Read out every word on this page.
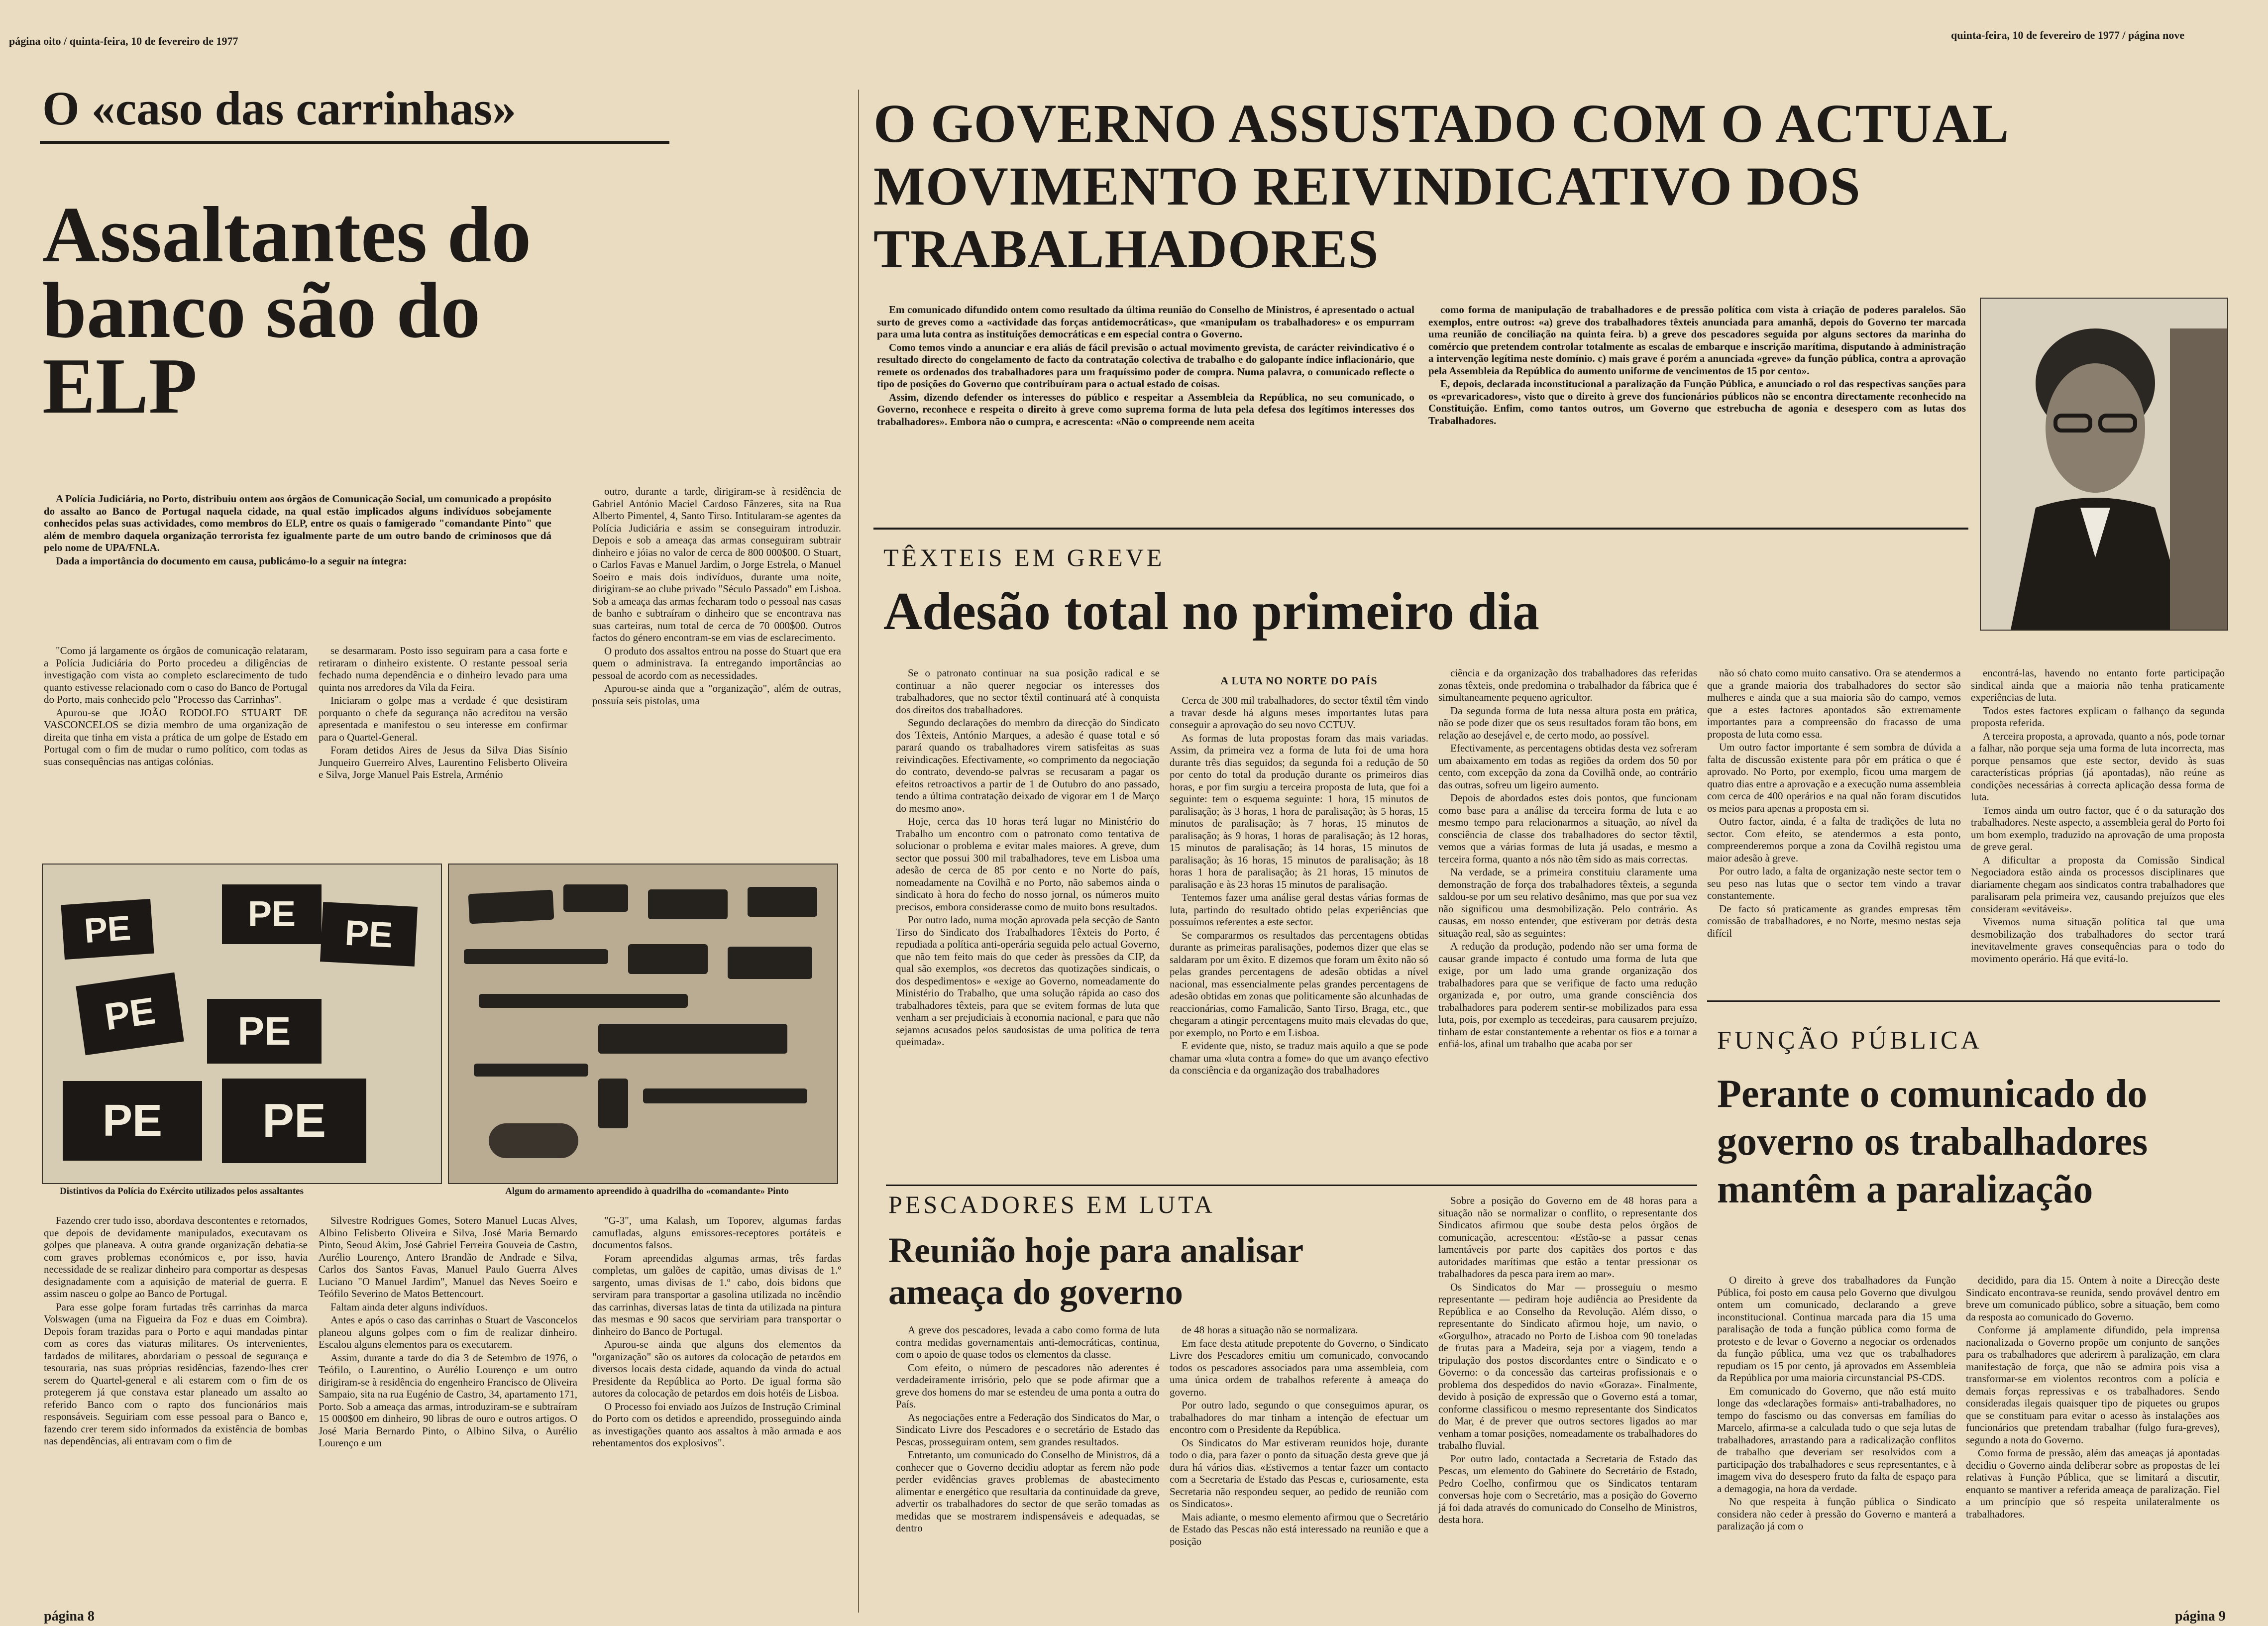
página oito / quinta-feira, 10 de fevereiro de 1977
O «caso das carrinhas»
Assaltantes do banco são do ELP

A Polícia Judiciária, no Porto, distribuiu ontem aos órgãos de Comunicação Social, um comunicado a propósito do assalto ao Banco de Portugal naquela cidade, na qual estão implicados alguns indivíduos sobejamente conhecidos pelas suas actividades, como membros do ELP, entre os quais o famigerado "comandante Pinto" que além de membro daquela organização terrorista fez igualmente parte de um outro bando de criminosos que dá pelo nome de UPA/FNLA.

Dada a importância do documento em causa, publicámo-lo a seguir na íntegra:

"Como já largamente os órgãos de comunicação relataram, a Polícia Judiciária do Porto procedeu a diligências de investigação com vista ao completo esclarecimento de tudo quanto estivesse relacionado com o caso do Banco de Portugal do Porto, mais conhecido pelo "Processo das Carrinhas".

Apurou-se que JOÃO RODOLFO STUART DE VASCONCELOS se dizia membro de uma organização de direita que tinha em vista a prática de um golpe de Estado em Portugal com o fim de mudar o rumo político, com todas as suas consequências nas antigas colónias.

se desarmaram. Posto isso seguiram para a casa forte e retiraram o dinheiro existente. O restante pessoal seria fechado numa dependência e o dinheiro levado para uma quinta nos arredores da Vila da Feira.

Iniciaram o golpe mas a verdade é que desistiram porquanto o chefe da segurança não acreditou na versão apresentada e manifestou o seu interesse em confirmar para o Quartel-General.

Foram detidos Aires de Jesus da Silva Dias Sisínio Junqueiro Guerreiro Alves, Laurentino Felisberto Oliveira e Silva, Jorge Manuel Pais Estrela, Arménio

outro, durante a tarde, dirigiram-se à residência de Gabriel António Maciel Cardoso Fânzeres, sita na Rua Alberto Pimentel, 4, Santo Tirso. Intitularam-se agentes da Polícia Judiciária e assim se conseguiram introduzir. Depois e sob a ameaça das armas conseguiram subtrair dinheiro e jóias no valor de cerca de 800 000$00. O Stuart, o Carlos Favas e Manuel Jardim, o Jorge Estrela, o Manuel Soeiro e mais dois indivíduos, durante uma noite, dirigiram-se ao clube privado "Século Passado" em Lisboa. Sob a ameaça das armas fecharam todo o pessoal nas casas de banho e subtraíram o dinheiro que se encontrava nas suas carteiras, num total de cerca de 70 000$00. Outros factos do género encontram-se em vias de esclarecimento.

O produto dos assaltos entrou na posse do Stuart que era quem o administrava. Ia entregando importâncias ao pessoal de acordo com as necessidades.

Apurou-se ainda que a "organização", além de outras, possuía seis pistolas, uma

PE	PE PE
PE PE
PE PE
Distintivos da Polícia do Exército utilizados pelos assaltantes	Algum do armamento apreendido à quadrilha do «comandante» Pinto

Fazendo crer tudo isso, abordava descontentes e retornados, que depois de devidamente manipulados, executavam os golpes que planeava. A outra grande organização debatia-se com graves problemas económicos e, por isso, havia necessidade de se realizar dinheiro para comportar as despesas designadamente com a aquisição de material de guerra. E assim nasceu o golpe ao Banco de Portugal.

Para esse golpe foram furtadas três carrinhas da marca Volswagen (uma na Figueira da Foz e duas em Coimbra). Depois foram trazidas para o Porto e aqui mandadas pintar com as cores das viaturas militares. Os intervenientes, fardados de militares, abordariam o pessoal de segurança e tesouraria, nas suas próprias residências, fazendo-lhes crer serem do Quartel-general e ali estarem com o fim de os protegerem já que constava estar planeado um assalto ao referido Banco com o rapto dos funcionários mais responsáveis. Seguiriam com esse pessoal para o Banco e, fazendo crer terem sido informados da existência de bombas nas dependências, ali entravam com o fim de

Silvestre Rodrigues Gomes, Sotero Manuel Lucas Alves, Albino Felisberto Oliveira e Silva, José Maria Bernardo Pinto, Seoud Akim, José Gabriel Ferreira Gouveia de Castro, Aurélio Lourenço, Antero Brandão de Andrade e Silva, Carlos dos Santos Favas, Manuel Paulo Guerra Alves Luciano "O Manuel Jardim", Manuel das Neves Soeiro e Teófilo Severino de Matos Bettencourt.

Faltam ainda deter alguns indivíduos.

Antes e após o caso das carrinhas o Stuart de Vasconcelos planeou alguns golpes com o fim de realizar dinheiro. Escalou alguns elementos para os executarem.

Assim, durante a tarde do dia 3 de Setembro de 1976, o Teófilo, o Laurentino, o Aurélio Lourenço e um outro dirigiram-se à residência do engenheiro Francisco de Oliveira Sampaio, sita na rua Eugénio de Castro, 34, apartamento 171, Porto. Sob a ameaça das armas, introduziram-se e subtraíram 15 000$00 em dinheiro, 90 libras de ouro e outros artigos. O José Maria Bernardo Pinto, o Albino Silva, o Aurélio Lourenço e um

"G-3", uma Kalash, um Toporev, algumas fardas camufladas, alguns emissores-receptores portáteis e documentos falsos.

Foram apreendidas algumas armas, três fardas completas, um galões de capitão, umas divisas de 1.º sargento, umas divisas de 1.º cabo, dois bidons que serviram para transportar a gasolina utilizada no incêndio das carrinhas, diversas latas de tinta da utilizada na pintura das mesmas e 90 sacos que serviriam para transportar o dinheiro do Banco de Portugal.

Apurou-se ainda que alguns dos elementos da "organização" são os autores da colocação de petardos em diversos locais desta cidade, aquando da vinda do actual Presidente da República ao Porto. De igual forma são autores da colocação de petardos em dois hotéis de Lisboa.

O Processo foi enviado aos Juízos de Instrução Criminal do Porto com os detidos e apreendido, prosseguindo ainda as investigações quanto aos assaltos à mão armada e aos rebentamentos dos explosivos".

página 8
quinta-feira, 10 de fevereiro de 1977 / página nove
O GOVERNO ASSUSTADO COM O ACTUAL MOVIMENTO REIVINDICATIVO DOS TRABALHADORES

Em comunicado difundido ontem como resultado da última reunião do Conselho de Ministros, é apresentado o actual surto de greves como a «actividade das forças antidemocráticas», que «manipulam os trabalhadores» e os empurram para uma luta contra as instituições democráticas e em especial contra o Governo.

Como temos vindo a anunciar e era aliás de fácil previsão o actual movimento grevista, de carácter reivindicativo é o resultado directo do congelamento de facto da contratação colectiva de trabalho e do galopante índice inflacionário, que remete os ordenados dos trabalhadores para um fraquíssimo poder de compra. Numa palavra, o comunicado reflecte o tipo de posições do Governo que contribuíram para o actual estado de coisas.

Assim, dizendo defender os interesses do público e respeitar a Assembleia da República, no seu comunicado, o Governo, reconhece e respeita o direito à greve como suprema forma de luta pela defesa dos legítimos interesses dos trabalhadores». Embora não o cumpra, e acrescenta: «Não o compreende nem aceita

como forma de manipulação de trabalhadores e de pressão política com vista à criação de poderes paralelos. São exemplos, entre outros: «a) greve dos trabalhadores têxteis anunciada para amanhã, depois do Governo ter marcada uma reunião de conciliação na quinta feira. b) a greve dos pescadores seguida por alguns sectores da marinha do comércio que pretendem controlar totalmente as escalas de embarque e inscrição marítima, disputando à administração a intervenção legítima neste domínio. c) mais grave é porém a anunciada «greve» da função pública, contra a aprovação pela Assembleia da República do aumento uniforme de vencimentos de 15 por cento».

E, depois, declarada inconstitucional a paralização da Função Pública, e anunciado o rol das respectivas sanções para os «prevaricadores», visto que o direito à greve dos funcionários públicos não se encontra directamente reconhecido na Constituição. Enfim, como tantos outros, um Governo que estrebucha de agonia e desespero com as lutas dos Trabalhadores.

TÊXTEIS EM GREVE
Adesão total no primeiro dia

Se o patronato continuar na sua posição radical e se continuar a não querer negociar os interesses dos trabalhadores, que no sector têxtil continuará até à conquista dos direitos dos trabalhadores.

Segundo declarações do membro da direcção do Sindicato dos Têxteis, António Marques, a adesão é quase total e só parará quando os trabalhadores virem satisfeitas as suas reivindicações. Efectivamente, «o comprimento da negociação do contrato, devendo-se palvras se recusaram a pagar os efeitos retroactivos a partir de 1 de Outubro do ano passado, tendo a última contratação deixado de vigorar em 1 de Março do mesmo ano».

Hoje, cerca das 10 horas terá lugar no Ministério do Trabalho um encontro com o patronato como tentativa de solucionar o problema e evitar males maiores. A greve, dum sector que possui 300 mil trabalhadores, teve em Lisboa uma adesão de cerca de 85 por cento e no Norte do país, nomeadamente na Covilhã e no Porto, não sabemos ainda o sindicato à hora do fecho do nosso jornal, os números muito precisos, embora considerasse como de muito bons resultados.

Por outro lado, numa moção aprovada pela secção de Santo Tirso do Sindicato dos Trabalhadores Têxteis do Porto, é repudiada a política anti-operária seguida pelo actual Governo, que não tem feito mais do que ceder às pressões da CIP, da qual são exemplos, «os decretos das quotizações sindicais, o dos despedimentos» e «exige ao Governo, nomeadamente do Ministério do Trabalho, que uma solução rápida ao caso dos trabalhadores têxteis, para que se evitem formas de luta que venham a ser prejudiciais à economia nacional, e para que não sejamos acusados pelos saudosistas de uma política de terra queimada».

A LUTA NO NORTE DO PAÍS

Cerca de 300 mil trabalhadores, do sector têxtil têm vindo a travar desde há alguns meses importantes lutas para conseguir a aprovação do seu novo CCTUV.

As formas de luta propostas foram das mais variadas. Assim, da primeira vez a forma de luta foi de uma hora durante três dias seguidos; da segunda foi a redução de 50 por cento do total da produção durante os primeiros dias horas, e por fim surgiu a terceira proposta de luta, que foi a seguinte: tem o esquema seguinte: 1 hora, 15 minutos de paralisação; às 3 horas, 1 hora de paralisação; às 5 horas, 15 minutos de paralisação; às 7 horas, 15 minutos de paralisação; às 9 horas, 1 horas de paralisação; às 12 horas, 15 minutos de paralisação; às 14 horas, 15 minutos de paralisação; às 16 horas, 15 minutos de paralisação; às 18 horas 1 hora de paralisação; às 21 horas, 15 minutos de paralisação e às 23 horas 15 minutos de paralisação.

Tentemos fazer uma análise geral destas várias formas de luta, partindo do resultado obtido pelas experiências que possuímos referentes a este sector.

Se compararmos os resultados das percentagens obtidas durante as primeiras paralisações, podemos dizer que elas se saldaram por um êxito. E dizemos que foram um êxito não só pelas grandes percentagens de adesão obtidas a nível nacional, mas essencialmente pelas grandes percentagens de adesão obtidas em zonas que politicamente são alcunhadas de reaccionárias, como Famalicão, Santo Tirso, Braga, etc., que chegaram a atingir percentagens muito mais elevadas do que, por exemplo, no Porto e em Lisboa.

E evidente que, nisto, se traduz mais aquilo a que se pode chamar uma «luta contra a fome» do que um avanço efectivo da consciência e da organização dos trabalhadores

ciência e da organização dos trabalhadores das referidas zonas têxteis, onde predomina o trabalhador da fábrica que é simultaneamente pequeno agricultor.

Da segunda forma de luta nessa altura posta em prática, não se pode dizer que os seus resultados foram tão bons, em relação ao desejável e, de certo modo, ao possível.

Efectivamente, as percentagens obtidas desta vez sofreram um abaixamento em todas as regiões da ordem dos 50 por cento, com excepção da zona da Covilhã onde, ao contrário das outras, sofreu um ligeiro aumento.

Depois de abordados estes dois pontos, que funcionam como base para a análise da terceira forma de luta e ao mesmo tempo para relacionarmos a situação, ao nível da consciência de classe dos trabalhadores do sector têxtil, vemos que a várias formas de luta já usadas, e mesmo a terceira forma, quanto a nós não têm sido as mais correctas.

Na verdade, se a primeira constituiu claramente uma demonstração de força dos trabalhadores têxteis, a segunda saldou-se por um seu relativo desânimo, mas que por sua vez não significou uma desmobilização. Pelo contrário. As causas, em nosso entender, que estiveram por detrás desta situação real, são as seguintes:

A redução da produção, podendo não ser uma forma de causar grande impacto é contudo uma forma de luta que exige, por um lado uma grande organização dos trabalhadores para que se verifique de facto uma redução organizada e, por outro, uma grande consciência dos trabalhadores para poderem sentir-se mobilizados para essa luta, pois, por exemplo as tecedeiras, para causarem prejuízo, tinham de estar constantemente a rebentar os fios e a tornar a enfiá-los, afinal um trabalho que acaba por ser

não só chato como muito cansativo. Ora se atendermos a que a grande maioria dos trabalhadores do sector são mulheres e ainda que a sua maioria são do campo, vemos que a estes factores apontados são extremamente importantes para a compreensão do fracasso de uma proposta de luta como essa.

Um outro factor importante é sem sombra de dúvida a falta de discussão existente para pôr em prática o que é aprovado. No Porto, por exemplo, ficou uma margem de quatro dias entre a aprovação e a execução numa assembleia com cerca de 400 operários e na qual não foram discutidos os meios para apenas a proposta em si.

Outro factor, ainda, é a falta de tradições de luta no sector. Com efeito, se atendermos a esta ponto, compreenderemos porque a zona da Covilhã registou uma maior adesão à greve.

Por outro lado, a falta de organização neste sector tem o seu peso nas lutas que o sector tem vindo a travar constantemente.

De facto só praticamente as grandes empresas têm comissão de trabalhadores, e no Norte, mesmo nestas seja difícil

encontrá-las, havendo no entanto forte participação sindical ainda que a maioria não tenha praticamente experiências de luta.

Todos estes factores explicam o falhanço da segunda proposta referida.

A terceira proposta, a aprovada, quanto a nós, pode tornar a falhar, não porque seja uma forma de luta incorrecta, mas porque pensamos que este sector, devido às suas características próprias (já apontadas), não reúne as condições necessárias à correcta aplicação dessa forma de luta.

Temos ainda um outro factor, que é o da saturação dos trabalhadores. Neste aspecto, a assembleia geral do Porto foi um bom exemplo, traduzido na aprovação de uma proposta de greve geral.

A dificultar a proposta da Comissão Sindical Negociadora estão ainda os processos disciplinares que diariamente chegam aos sindicatos contra trabalhadores que paralisaram pela primeira vez, causando prejuízos que eles consideram «evitáveis».

Vivemos numa situação política tal que uma desmobilização dos trabalhadores do sector trará inevitavelmente graves consequências para o todo do movimento operário. Há que evitá-lo.

FUNÇÃO PÚBLICA
Perante o comunicado do governo os trabalhadores mantêm a paralização

O direito à greve dos trabalhadores da Função Pública, foi posto em causa pelo Governo que divulgou ontem um comunicado, declarando a greve inconstitucional. Continua marcada para dia 15 uma paralisação de toda a função pública como forma de protesto e de levar o Governo a negociar os ordenados da função pública, uma vez que os trabalhadores repudiam os 15 por cento, já aprovados em Assembleia da República por uma maioria circunstancial PS-CDS.

Em comunicado do Governo, que não está muito longe das «declarações formais» anti-trabalhadores, no tempo do fascismo ou das conversas em famílias do Marcelo, afirma-se a calculada tudo o que seja lutas de trabalhadores, arrastando para a radicalização conflitos de trabalho que deveriam ser resolvidos com a participação dos trabalhadores e seus representantes, e à imagem viva do desespero fruto da falta de espaço para a demagogia, na hora da verdade.

No que respeita à função pública o Sindicato considera não ceder à pressão do Governo e manterá a paralização já com o

decidido, para dia 15. Ontem à noite a Direcção deste Sindicato encontrava-se reunida, sendo provável dentro em breve um comunicado público, sobre a situação, bem como da resposta ao comunicado do Governo.

Conforme já amplamente difundido, pela imprensa nacionalizada o Governo propõe um conjunto de sanções para os trabalhadores que aderirem à paralização, em clara manifestação de força, que não se admira pois visa a transformar-se em violentos recontros com a polícia e demais forças repressivas e os trabalhadores. Sendo consideradas ilegais quaisquer tipo de piquetes ou grupos que se constituam para evitar o acesso às instalações aos funcionários que pretendam trabalhar (fulgo fura-greves), segundo a nota do Governo.

Como forma de pressão, além das ameaças já apontadas decidiu o Governo ainda deliberar sobre as propostas de lei relativas à Função Pública, que se limitará a discutir, enquanto se mantiver a referida ameaça de paralização. Fiel a um princípio que só respeita unilateralmente os trabalhadores.

PESCADORES EM LUTA
Reunião hoje para analisar ameaça do governo

A greve dos pescadores, levada a cabo como forma de luta contra medidas governamentais anti-democráticas, continua, com o apoio de quase todos os elementos da classe.

Com efeito, o número de pescadores não aderentes é verdadeiramente irrisório, pelo que se pode afirmar que a greve dos homens do mar se estendeu de uma ponta a outra do País.

As negociações entre a Federação dos Sindicatos do Mar, o Sindicato Livre dos Pescadores e o secretário de Estado das Pescas, prosseguiram ontem, sem grandes resultados.

Entretanto, um comunicado do Conselho de Ministros, dá a conhecer que o Governo decidiu adoptar as ferem não pode perder evidências graves problemas de abastecimento alimentar e energético que resultaria da continuidade da greve, advertir os trabalhadores do sector de que serão tomadas as medidas que se mostrarem indispensáveis e adequadas, se dentro

de 48 horas a situação não se normalizara.

Em face desta atitude prepotente do Governo, o Sindicato Livre dos Pescadores emitiu um comunicado, convocando todos os pescadores associados para uma assembleia, com uma única ordem de trabalhos referente à ameaça do governo.

Por outro lado, segundo o que conseguimos apurar, os trabalhadores do mar tinham a intenção de efectuar um encontro com o Presidente da República.

Os Sindicatos do Mar estiveram reunidos hoje, durante todo o dia, para fazer o ponto da situação desta greve que já dura há vários dias. «Estivemos a tentar fazer um contacto com a Secretaria de Estado das Pescas e, curiosamente, esta Secretaria não respondeu sequer, ao pedido de reunião com os Sindicatos».

Mais adiante, o mesmo elemento afirmou que o Secretário de Estado das Pescas não está interessado na reunião e que a posição

Sobre a posição do Governo em de 48 horas para a situação não se normalizar o conflito, o representante dos Sindicatos afirmou que soube desta pelos órgãos de comunicação, acrescentou: «Estão-se a passar cenas lamentáveis por parte dos capitães dos portos e das autoridades marítimas que estão a tentar pressionar os trabalhadores da pesca para irem ao mar».

Os Sindicatos do Mar — prosseguiu o mesmo representante — pediram hoje audiência ao Presidente da República e ao Conselho da Revolução. Além disso, o representante do Sindicato afirmou hoje, um navio, o «Gorgulho», atracado no Porto de Lisboa com 90 toneladas de frutas para a Madeira, seja por a viagem, tendo a tripulação dos postos discordantes entre o Sindicato e o Governo: o da concessão das carteiras profissionais e o problema dos despedidos do navio «Goraza». Finalmente, devido à posição de expressão que o Governo está a tomar, conforme classificou o mesmo representante dos Sindicatos do Mar, é de prever que outros sectores ligados ao mar venham a tomar posições, nomeadamente os trabalhadores do trabalho fluvial.

Por outro lado, contactada a Secretaria de Estado das Pescas, um elemento do Gabinete do Secretário de Estado, Pedro Coelho, confirmou que os Sindicatos tentaram conversas hoje com o Secretário, mas a posição do Governo já foi dada através do comunicado do Conselho de Ministros, desta hora.

página 9
